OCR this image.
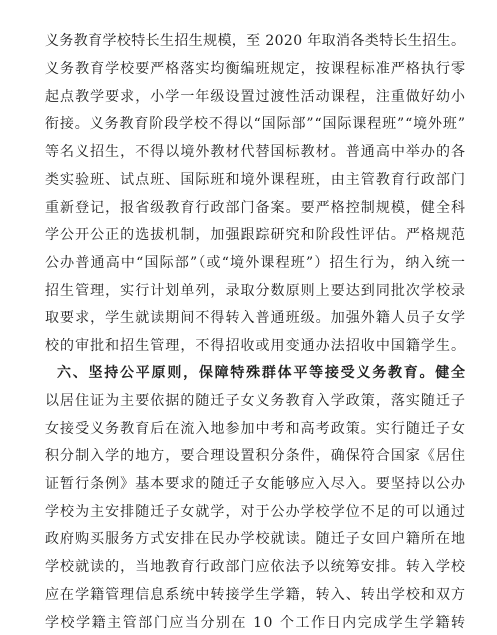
义务教育学校特长生招生规模，至 2020 年取消各类特长生招生。
义务教育学校要严格落实均衡编班规定，按课程标准严格执行零
起点教学要求，小学一年级设置过渡性活动课程，注重做好幼小
衔接。义务教育阶段学校不得以“国际部”“国际课程班”“境外班”
等名义招生，不得以境外教材代替国标教材。普通高中举办的各
类实验班、试点班、国际班和境外课程班，由主管教育行政部门
重新登记，报省级教育行政部门备案。要严格控制规模，健全科
学公开公正的选拔机制，加强跟踪研究和阶段性评估。严格规范
公办普通高中“国际部”（或“境外课程班”）招生行为，纳入统一
招生管理，实行计划单列，录取分数原则上要达到同批次学校录
取要求，学生就读期间不得转入普通班级。加强外籍人员子女学
校的审批和招生管理，不得招收或用变通办法招收中国籍学生。
六、坚持公平原则，保障特殊群体平等接受义务教育。健全
以居住证为主要依据的随迁子女义务教育入学政策，落实随迁子
女接受义务教育后在流入地参加中考和高考政策。实行随迁子女
积分制入学的地方，要合理设置积分条件，确保符合国家《居住
证暂行条例》基本要求的随迁子女能够应入尽入。要坚持以公办
学校为主安排随迁子女就学，对于公办学校学位不足的可以通过
政府购买服务方式安排在民办学校就读。随迁子女回户籍所在地
学校就读的，当地教育行政部门应依法予以统筹安排。转入学校
应在学籍管理信息系统中转接学生学籍，转入、转出学校和双方
学校学籍主管部门应当分别在 10 个工作日内完成学生学籍转
